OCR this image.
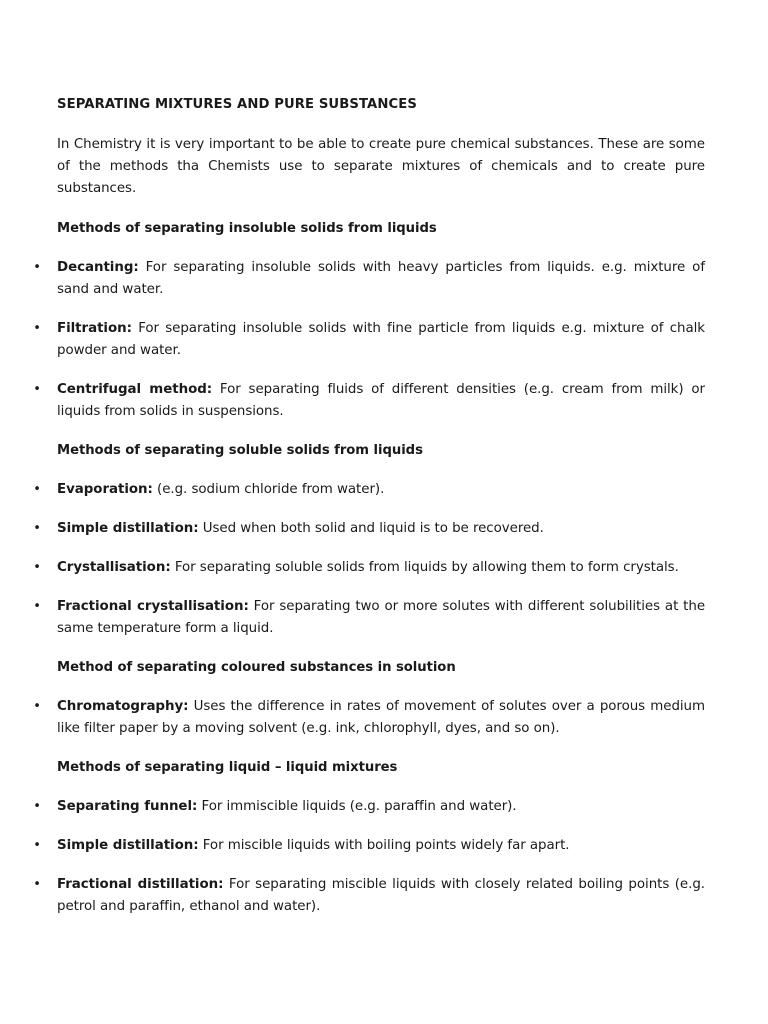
SEPARATING MIXTURES AND PURE SUBSTANCES
In Chemistry it is very important to be able to create pure chemical substances. These are some of the methods tha Chemists use to separate mixtures of chemicals and to create pure substances.
Methods of separating insoluble solids from liquids
• Decanting: For separating insoluble solids with heavy particles from liquids. e.g. mixture of sand and water.
• Filtration: For separating insoluble solids with fine particle from liquids e.g. mixture of chalk powder and water.
• Centrifugal method: For separating fluids of different densities (e.g. cream from milk) or liquids from solids in suspensions.
Methods of separating soluble solids from liquids
• Evaporation: (e.g. sodium chloride from water).
• Simple distillation: Used when both solid and liquid is to be recovered.
• Crystallisation: For separating soluble solids from liquids by allowing them to form crystals.
• Fractional crystallisation: For separating two or more solutes with different solubilities at the same temperature form a liquid.
Method of separating coloured substances in solution
• Chromatography: Uses the difference in rates of movement of solutes over a porous medium like filter paper by a moving solvent (e.g. ink, chlorophyll, dyes, and so on).
Methods of separating liquid – liquid mixtures
• Separating funnel: For immiscible liquids (e.g. paraffin and water).
• Simple distillation: For miscible liquids with boiling points widely far apart.
• Fractional distillation: For separating miscible liquids with closely related boiling points (e.g. petrol and paraffin, ethanol and water).
